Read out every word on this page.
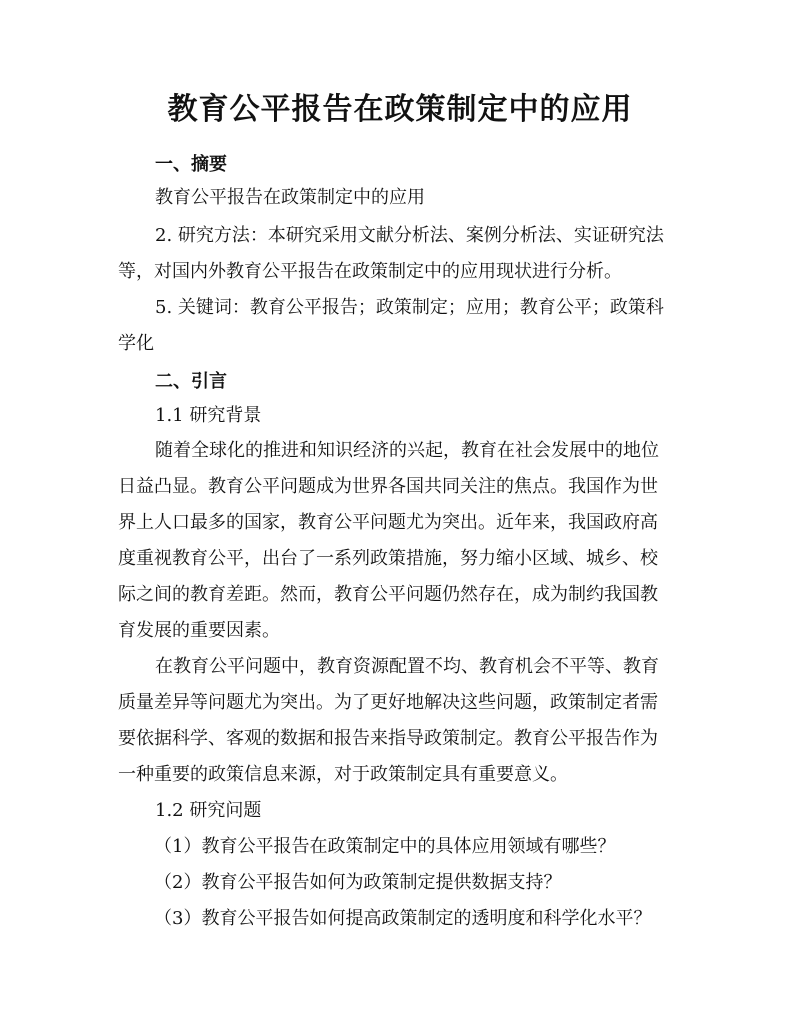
教育公平报告在政策制定中的应用
一、摘要
教育公平报告在政策制定中的应用
2. 研究方法：本研究采用文献分析法、案例分析法、实证研究法
等，对国内外教育公平报告在政策制定中的应用现状进行分析。
5. 关键词：教育公平报告；政策制定；应用；教育公平；政策科
学化
二、引言
1.1 研究背景
随着全球化的推进和知识经济的兴起，教育在社会发展中的地位
日益凸显。教育公平问题成为世界各国共同关注的焦点。我国作为世
界上人口最多的国家，教育公平问题尤为突出。近年来，我国政府高
度重视教育公平，出台了一系列政策措施，努力缩小区域、城乡、校
际之间的教育差距。然而，教育公平问题仍然存在，成为制约我国教
育发展的重要因素。
在教育公平问题中，教育资源配置不均、教育机会不平等、教育
质量差异等问题尤为突出。为了更好地解决这些问题，政策制定者需
要依据科学、客观的数据和报告来指导政策制定。教育公平报告作为
一种重要的政策信息来源，对于政策制定具有重要意义。
1.2 研究问题
（1）教育公平报告在政策制定中的具体应用领域有哪些？
（2）教育公平报告如何为政策制定提供数据支持？
（3）教育公平报告如何提高政策制定的透明度和科学化水平？
